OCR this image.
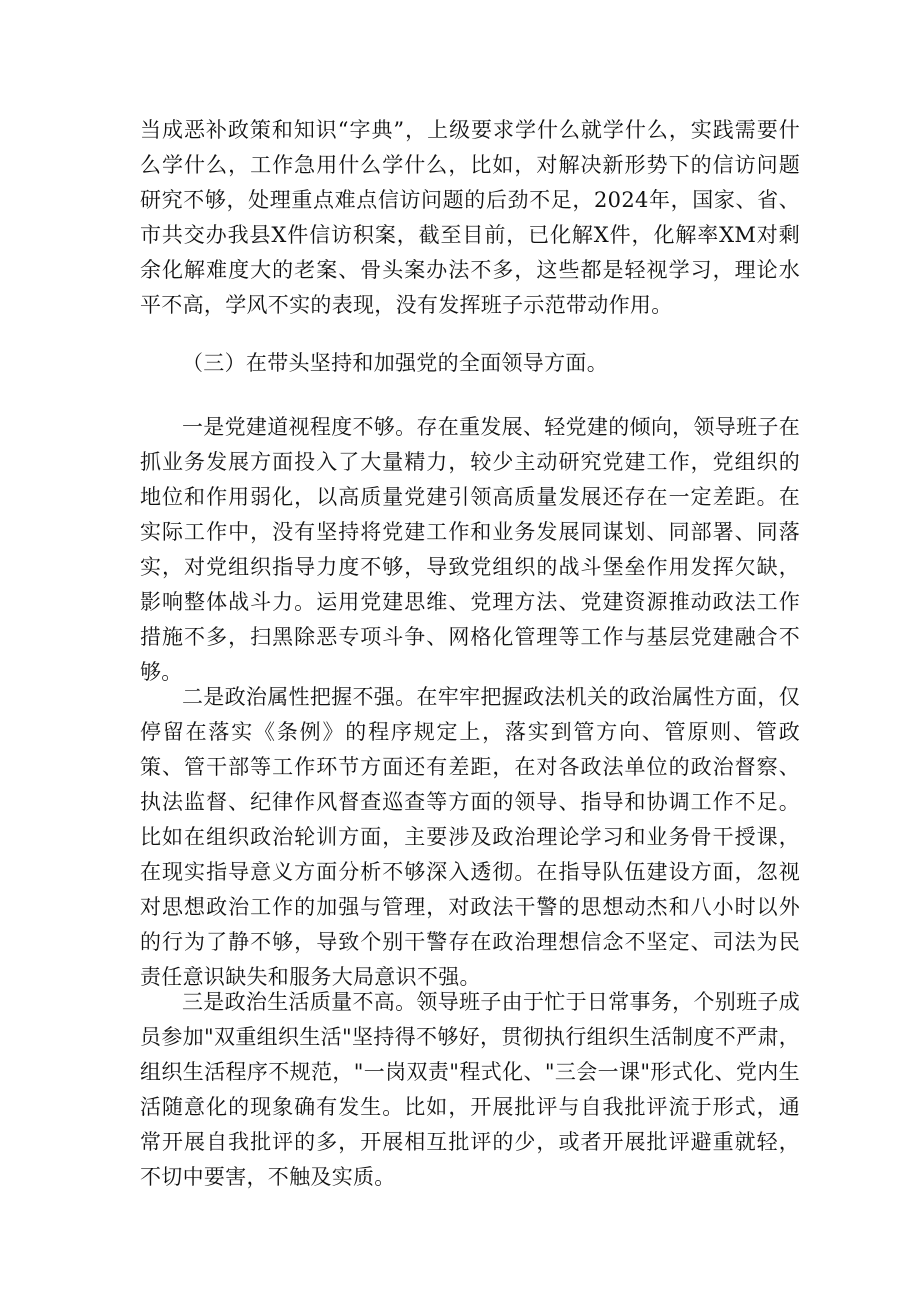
当成恶补政策和知识“字典”，上级要求学什么就学什么，实践需要什么学什么，工作急用什么学什么，比如，对解决新形势下的信访问题研究不够，处理重点难点信访问题的后劲不足，2024年，国家、省、市共交办我县X件信访积案，截至目前，已化解X件，化解率XM对剩余化解难度大的老案、骨头案办法不多，这些都是轻视学习，理论水平不高，学风不实的表现，没有发挥班子示范带动作用。

（三）在带头坚持和加强党的全面领导方面。

一是党建道视程度不够。存在重发展、轻党建的倾向，领导班子在抓业务发展方面投入了大量精力，较少主动研究党建工作，党组织的地位和作用弱化，以高质量党建引领高质量发展还存在一定差距。在实际工作中，没有坚持将党建工作和业务发展同谋划、同部署、同落实，对党组织指导力度不够，导致党组织的战斗堡垒作用发挥欠缺，影响整体战斗力。运用党建思维、党理方法、党建资源推动政法工作措施不多，扫黑除恶专项斗争、网格化管理等工作与基层党建融合不够。

二是政治属性把握不强。在牢牢把握政法机关的政治属性方面，仅停留在落实《条例》的程序规定上，落实到管方向、管原则、管政策、管干部等工作环节方面还有差距，在对各政法单位的政治督察、执法监督、纪律作风督查巡查等方面的领导、指导和协调工作不足。比如在组织政治轮训方面，主要涉及政治理论学习和业务骨干授课，在现实指导意义方面分析不够深入透彻。在指导队伍建设方面，忽视对思想政治工作的加强与管理，对政法干警的思想动杰和八小时以外的行为了静不够，导致个别干警存在政治理想信念不坚定、司法为民责任意识缺失和服务大局意识不强。

三是政治生活质量不高。领导班子由于忙于日常事务，个别班子成员参加"双重组织生活"坚持得不够好，贯彻执行组织生活制度不严肃，组织生活程序不规范，"一岗双责"程式化、"三会一课"形式化、党内生活随意化的现象确有发生。比如，开展批评与自我批评流于形式，通常开展自我批评的多，开展相互批评的少，或者开展批评避重就轻，不切中要害，不触及实质。
